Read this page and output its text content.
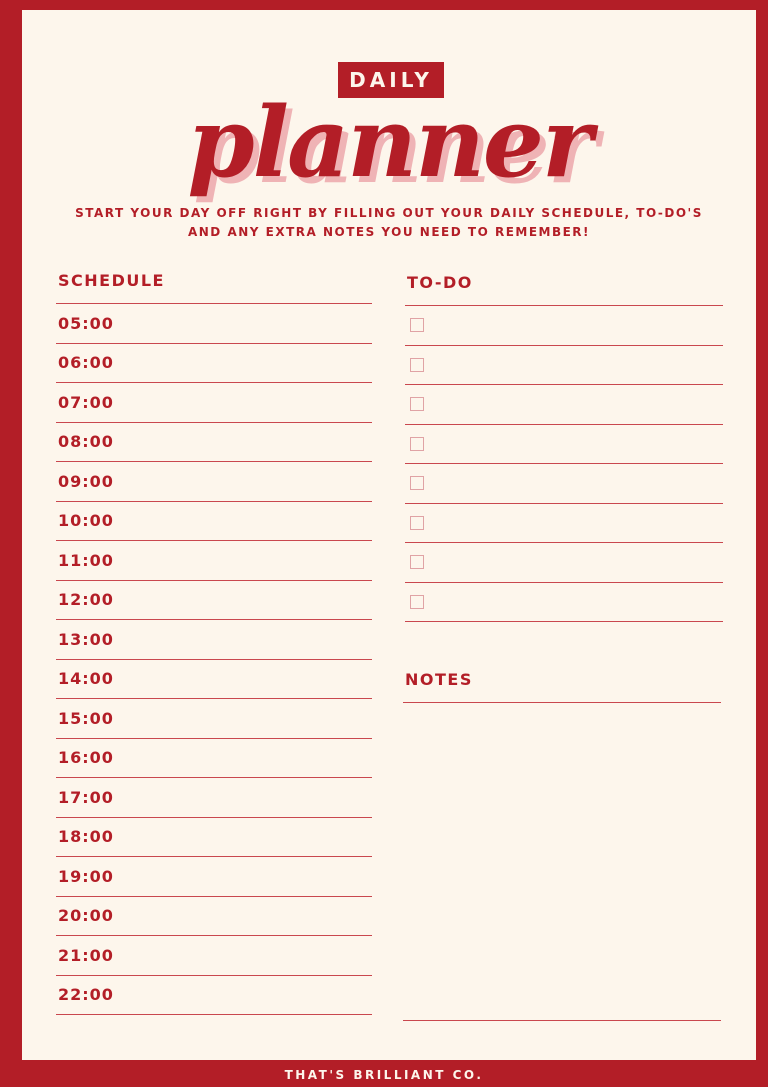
DAILY
planner
START YOUR DAY OFF RIGHT BY FILLING OUT YOUR DAILY SCHEDULE, TO-DO'S
AND ANY EXTRA NOTES YOU NEED TO REMEMBER!
SCHEDULE
05:00
06:00
07:00
08:00
09:00
10:00
11:00
12:00
13:00
14:00
15:00
16:00
17:00
18:00
19:00
20:00
21:00
22:00
TO-DO
NOTES
THAT'S BRILLIANT CO.
